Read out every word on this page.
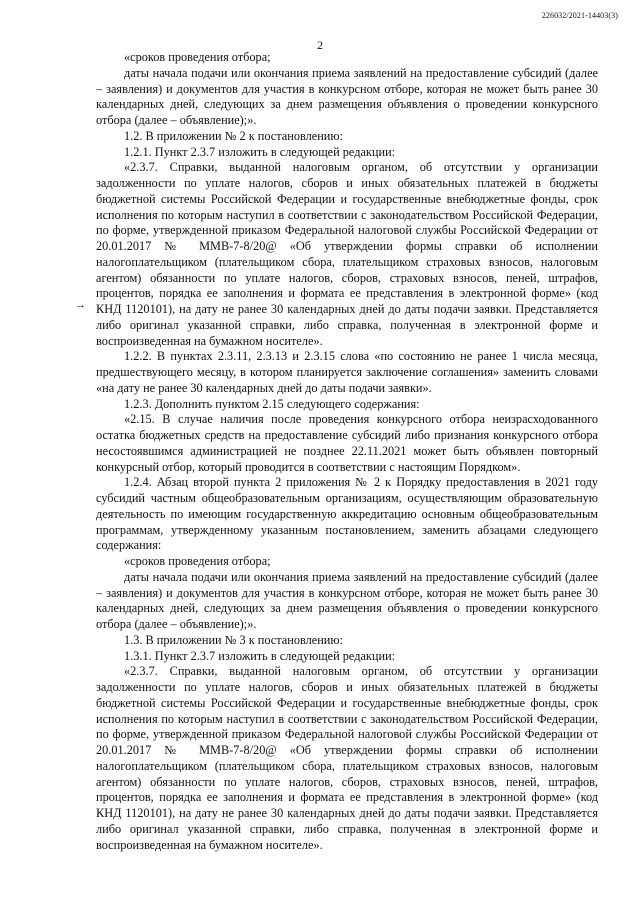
226032/2021-14403(3)
2
→

«сроков проведения отбора;

даты начала подачи или окончания приема заявлений на предоставление субсидий (далее – заявления) и документов для участия в конкурсном отборе, которая не может быть ранее 30 календарных дней, следующих за днем размещения объявления о проведении конкурсного отбора (далее – объявление);».

1.2. В приложении № 2 к постановлению:

1.2.1. Пункт 2.3.7 изложить в следующей редакции:

«2.3.7. Справки, выданной налоговым органом, об отсутствии у организации задолженности по уплате налогов, сборов и иных обязательных платежей в бюджеты бюджетной системы Российской Федерации и государственные внебюджетные фонды, срок исполнения по которым наступил в соответствии с законодательством Российской Федерации, по форме, утвержденной приказом Федеральной налоговой службы Российской Федерации от 20.01.2017 № ММВ-7-8/20@ «Об утверждении формы справки об исполнении налогоплательщиком (плательщиком сбора, плательщиком страховых взносов, налоговым агентом) обязанности по уплате налогов, сборов, страховых взносов, пеней, штрафов, процентов, порядка ее заполнения и формата ее представления в электронной форме» (код КНД 1120101), на дату не ранее 30 календарных дней до даты подачи заявки. Представляется либо оригинал указанной справки, либо справка, полученная в электронной форме и воспроизведенная на бумажном носителе».

1.2.2. В пунктах 2.3.11, 2.3.13 и 2.3.15 слова «по состоянию не ранее 1 числа месяца, предшествующего месяцу, в котором планируется заключение соглашения» заменить словами «на дату не ранее 30 календарных дней до даты подачи заявки».

1.2.3. Дополнить пунктом 2.15 следующего содержания:

«2.15. В случае наличия после проведения конкурсного отбора неизрасходованного остатка бюджетных средств на предоставление субсидий либо признания конкурсного отбора несостоявшимся администрацией не позднее 22.11.2021 может быть объявлен повторный конкурсный отбор, который проводится в соответствии с настоящим Порядком».

1.2.4. Абзац второй пункта 2 приложения № 2 к Порядку предоставления в 2021 году субсидий частным общеобразовательным организациям, осуществляющим образовательную деятельность по имеющим государственную аккредитацию основным общеобразовательным программам, утвержденному указанным постановлением, заменить абзацами следующего содержания:

«сроков проведения отбора;

даты начала подачи или окончания приема заявлений на предоставление субсидий (далее – заявления) и документов для участия в конкурсном отборе, которая не может быть ранее 30 календарных дней, следующих за днем размещения объявления о проведении конкурсного отбора (далее – объявление);».

1.3. В приложении № 3 к постановлению:

1.3.1. Пункт 2.3.7 изложить в следующей редакции:

«2.3.7. Справки, выданной налоговым органом, об отсутствии у организации задолженности по уплате налогов, сборов и иных обязательных платежей в бюджеты бюджетной системы Российской Федерации и государственные внебюджетные фонды, срок исполнения по которым наступил в соответствии с законодательством Российской Федерации, по форме, утвержденной приказом Федеральной налоговой службы Российской Федерации от 20.01.2017 № ММВ-7-8/20@ «Об утверждении формы справки об исполнении налогоплательщиком (плательщиком сбора, плательщиком страховых взносов, налоговым агентом) обязанности по уплате налогов, сборов, страховых взносов, пеней, штрафов, процентов, порядка ее заполнения и формата ее представления в электронной форме» (код КНД 1120101), на дату не ранее 30 календарных дней до даты подачи заявки. Представляется либо оригинал указанной справки, либо справка, полученная в электронной форме и воспроизведенная на бумажном носителе».
